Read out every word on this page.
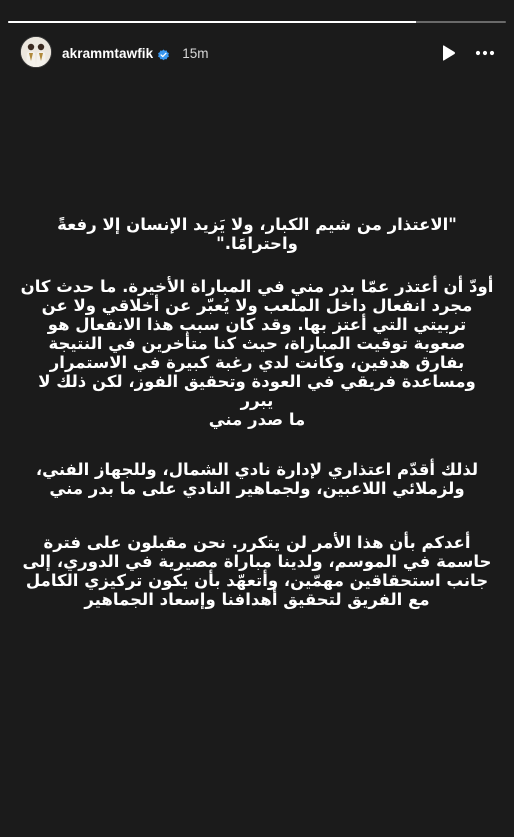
akrammtawfik 15m

"الاعتذار من شيم الكبار، ولا يَزيد الإنسان إلا رفعةً
واحترامًا."

أودّ أن أعتذر عمّا بدر مني في المباراة الأخيرة. ما حدث كان
مجرد انفعال داخل الملعب ولا يُعبّر عن أخلاقي ولا عن
تربيتي التي أعتز بها. وقد كان سبب هذا الانفعال هو
صعوبة توقيت المباراة، حيث كنا متأخرين في النتيجة
بفارق هدفين، وكانت لدي رغبة كبيرة في الاستمرار
ومساعدة فريقي في العودة وتحقيق الفوز، لكن ذلك لا يبرر
ما صدر مني

لذلك أقدّم اعتذاري لإدارة نادي الشمال، وللجهاز الفني،
ولزملائي اللاعبين، ولجماهير النادي على ما بدر مني

أعدكم بأن هذا الأمر لن يتكرر. نحن مقبلون على فترة
حاسمة في الموسم، ولدينا مباراة مصيرية في الدوري، إلى
جانب استحقاقين مهمّين، وأتعهّد بأن يكون تركيزي الكامل
مع الفريق لتحقيق أهدافنا وإسعاد الجماهير
